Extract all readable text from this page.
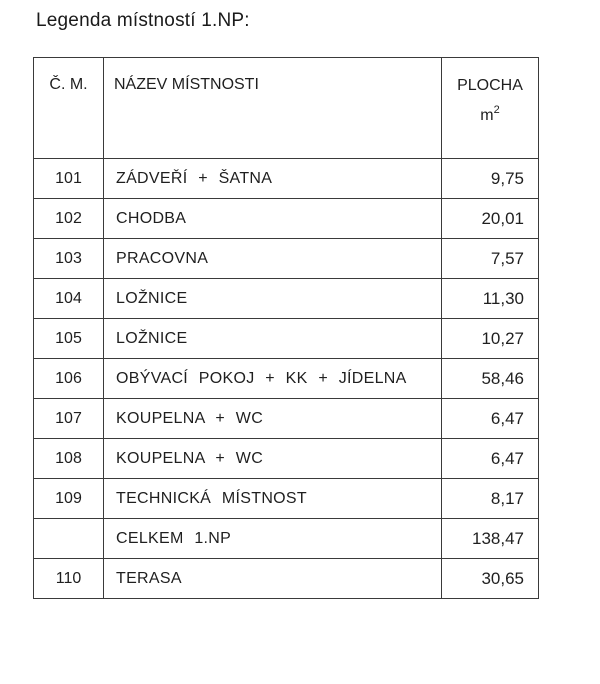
Legenda místností 1.NP:
Č. M.	NÁZEV MÍSTNOSTI	PLOCHA
$m^2$

101	ZÁDVEŘÍ + ŠATNA	9,75
102	CHODBA	20,01
103	PRACOVNA	7,57
104	LOŽNICE	11,30
105	LOŽNICE	10,27
106	OBÝVACÍ POKOJ + KK + JÍDELNA	58,46
107	KOUPELNA + WC	6,47
108	KOUPELNA + WC	6,47
109	TECHNICKÁ MÍSTNOST	8,17
	CELKEM 1.NP	138,47
110	TERASA	30,65
